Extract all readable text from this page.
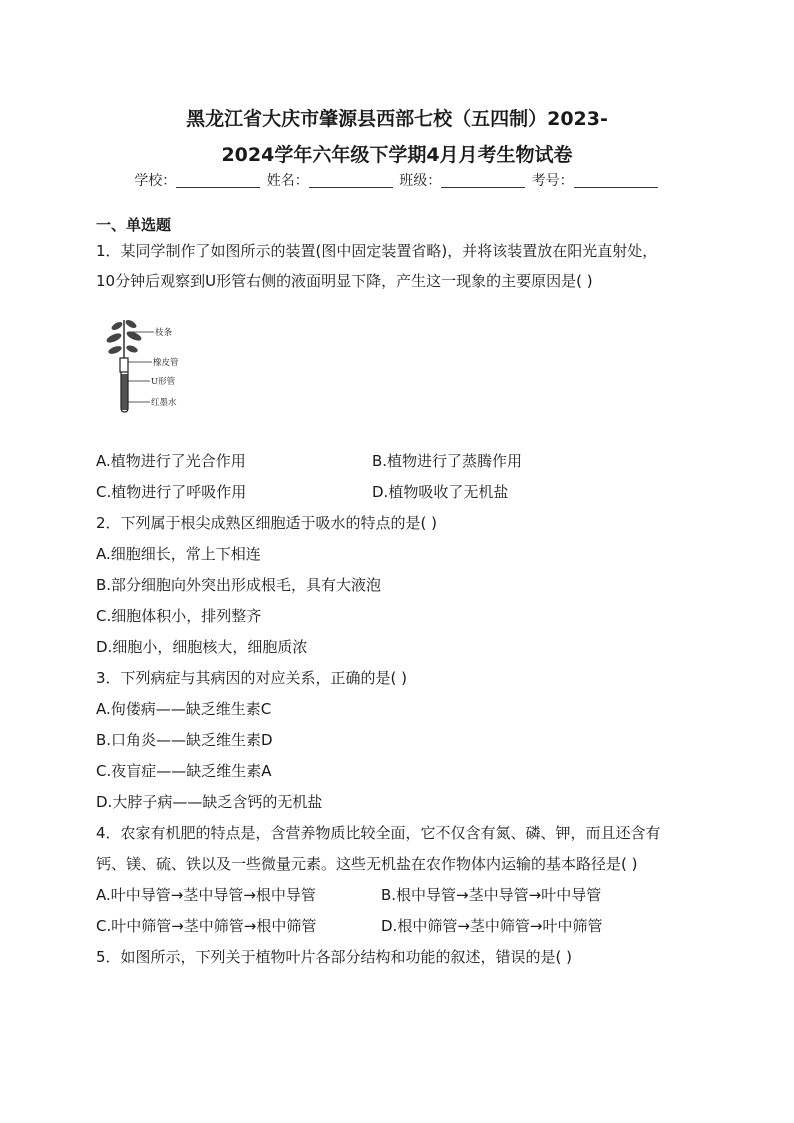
黑龙江省大庆市肇源县西部七校（五四制）2023-
2024学年六年级下学期4月月考生物试卷
学校：	姓名：	班级：	考号：
一、单选题
1．某同学制作了如图所示的装置(图中固定装置省略)，并将该装置放在阳光直射处，
10分钟后观察到U形管右侧的液面明显下降，产生这一现象的主要原因是( )
枝条
橡皮管
U形管
红墨水
A.植物进行了光合作用	B.植物进行了蒸腾作用
C.植物进行了呼吸作用	D.植物吸收了无机盐
2．下列属于根尖成熟区细胞适于吸水的特点的是( )
A.细胞细长，常上下相连
B.部分细胞向外突出形成根毛，具有大液泡
C.细胞体积小，排列整齐
D.细胞小，细胞核大，细胞质浓
3．下列病症与其病因的对应关系，正确的是( )
A.佝偻病——缺乏维生素C
B.口角炎——缺乏维生素D
C.夜盲症——缺乏维生素A
D.大脖子病——缺乏含钙的无机盐
4．农家有机肥的特点是，含营养物质比较全面，它不仅含有氮、磷、钾，而且还含有
钙、镁、硫、铁以及一些微量元素。这些无机盐在农作物体内运输的基本路径是( )
A.叶中导管→茎中导管→根中导管	B.根中导管→茎中导管→叶中导管
C.叶中筛管→茎中筛管→根中筛管	D.根中筛管→茎中筛管→叶中筛管
5．如图所示，下列关于植物叶片各部分结构和功能的叙述，错误的是( )
